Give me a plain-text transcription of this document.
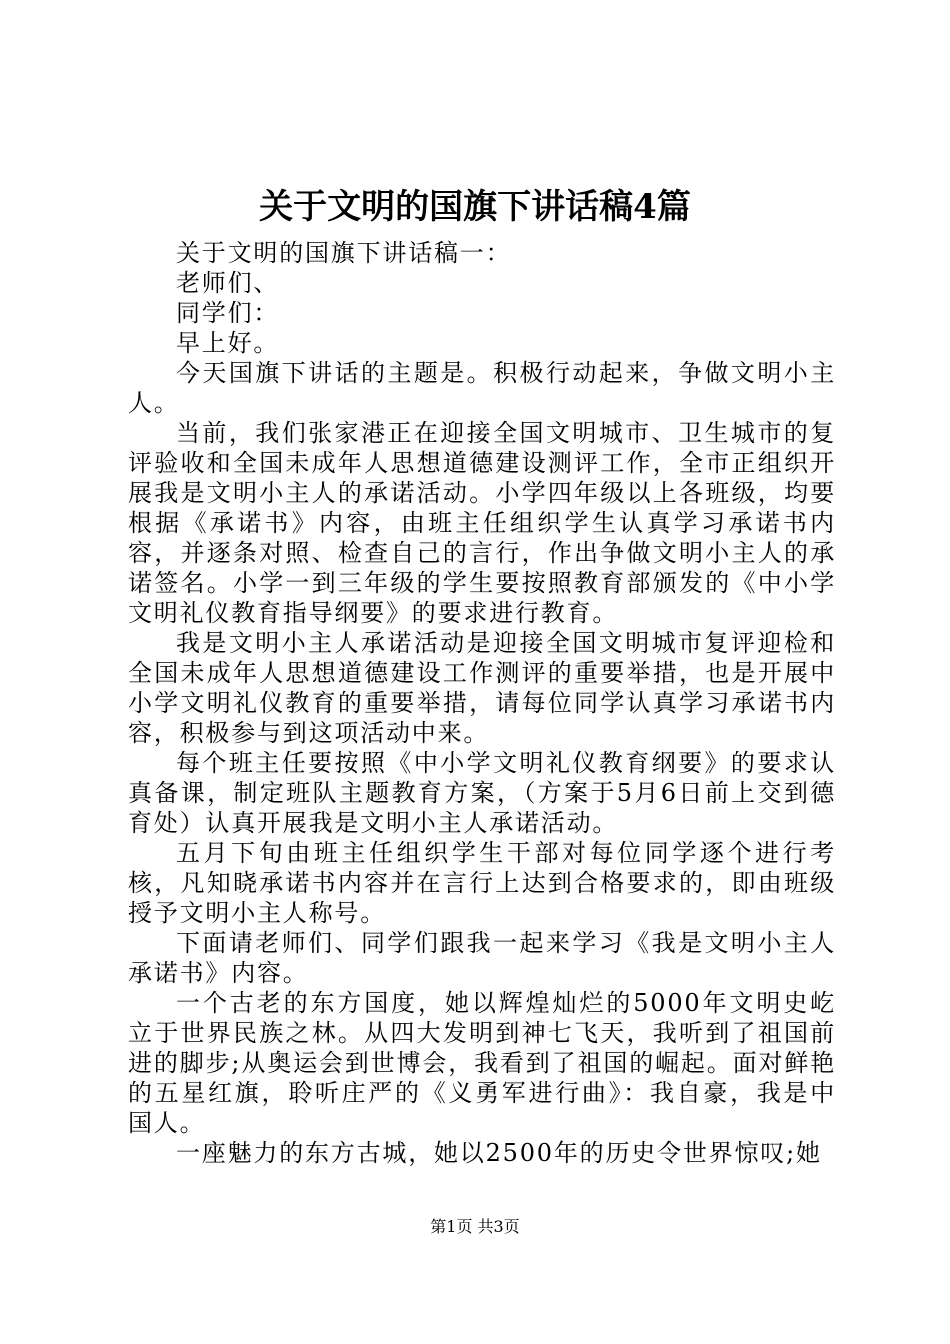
关于文明的国旗下讲话稿4篇

关于文明的国旗下讲话稿一：

老师们、

同学们：

早上好。

今天国旗下讲话的主题是。积极行动起来，争做文明小主人。

当前，我们张家港正在迎接全国文明城市、卫生城市的复评验收和全国未成年人思想道德建设测评工作，全市正组织开展我是文明小主人的承诺活动。小学四年级以上各班级，均要根据《承诺书》内容，由班主任组织学生认真学习承诺书内容，并逐条对照、检查自己的言行，作出争做文明小主人的承诺签名。小学一到三年级的学生要按照教育部颁发的《中小学文明礼仪教育指导纲要》的要求进行教育。

我是文明小主人承诺活动是迎接全国文明城市复评迎检和全国未成年人思想道德建设工作测评的重要举措，也是开展中小学文明礼仪教育的重要举措，请每位同学认真学习承诺书内容，积极参与到这项活动中来。

每个班主任要按照《中小学文明礼仪教育纲要》的要求认真备课，制定班队主题教育方案，（方案于5月6日前上交到德育处）认真开展我是文明小主人承诺活动。

五月下旬由班主任组织学生干部对每位同学逐个进行考核，凡知晓承诺书内容并在言行上达到合格要求的，即由班级授予文明小主人称号。

下面请老师们、同学们跟我一起来学习《我是文明小主人承诺书》内容。

一个古老的东方国度，她以辉煌灿烂的5000年文明史屹立于世界民族之林。从四大发明到神七飞天，我听到了祖国前进的脚步;从奥运会到世博会，我看到了祖国的崛起。面对鲜艳的五星红旗，聆听庄严的《义勇军进行曲》：我自豪，我是中国人。

一座魅力的东方古城，她以2500年的历史令世界惊叹;她

第1页 共3页
